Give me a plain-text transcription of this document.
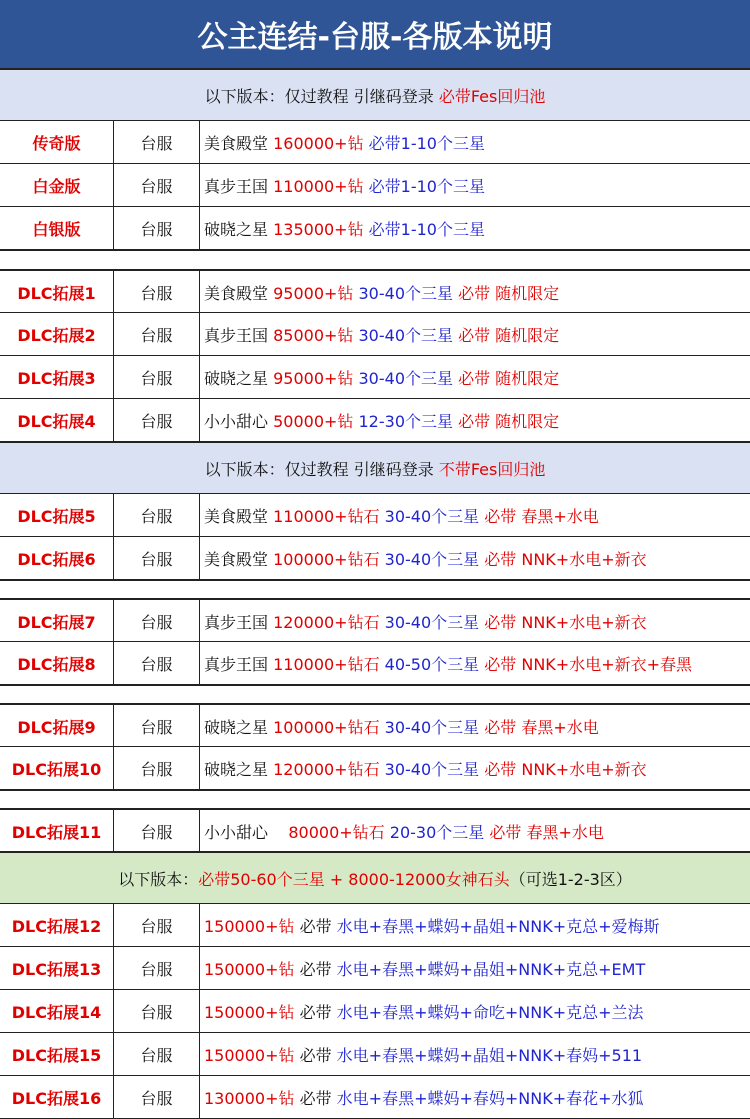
公主连结-台服-各版本说明
以下版本：仅过教程 引继码登录 必带Fes回归池
传奇版	台服	美食殿堂 160000+钻 必带1-10个三星
白金版	台服	真步王国 110000+钻 必带1-10个三星
白银版	台服	破晓之星 135000+钻 必带1-10个三星
DLC拓展1	台服	美食殿堂 95000+钻 30-40个三星 必带 随机限定
DLC拓展2	台服	真步王国 85000+钻 30-40个三星 必带 随机限定
DLC拓展3	台服	破晓之星 95000+钻 30-40个三星 必带 随机限定
DLC拓展4	台服	小小甜心 50000+钻 12-30个三星 必带 随机限定
以下版本：仅过教程 引继码登录 不带Fes回归池
DLC拓展5	台服	美食殿堂 110000+钻石 30-40个三星 必带 春黑+水电
DLC拓展6	台服	美食殿堂 100000+钻石 30-40个三星 必带 NNK+水电+新衣
DLC拓展7	台服	真步王国 120000+钻石 30-40个三星 必带 NNK+水电+新衣
DLC拓展8	台服	真步王国 110000+钻石 40-50个三星 必带 NNK+水电+新衣+春黑
DLC拓展9	台服	破晓之星 100000+钻石 30-40个三星 必带 春黑+水电
DLC拓展10	台服	破晓之星 120000+钻石 30-40个三星 必带 NNK+水电+新衣
DLC拓展11	台服	小小甜心 80000+钻石 20-30个三星 必带 春黑+水电
以下版本： 必带50-60个三星 + 8000-12000女神石头 （可选1-2-3区）
DLC拓展12	台服	150000+钻 必带 水电+春黑+蝶妈+晶姐+NNK+克总+爱梅斯
DLC拓展13	台服	150000+钻 必带 水电+春黑+蝶妈+晶姐+NNK+克总+EMT
DLC拓展14	台服	150000+钻 必带 水电+春黑+蝶妈+命吃+NNK+克总+兰法
DLC拓展15	台服	150000+钻 必带 水电+春黑+蝶妈+晶姐+NNK+春妈+511
DLC拓展16	台服	130000+钻 必带 水电+春黑+蝶妈+春妈+NNK+春花+水狐
